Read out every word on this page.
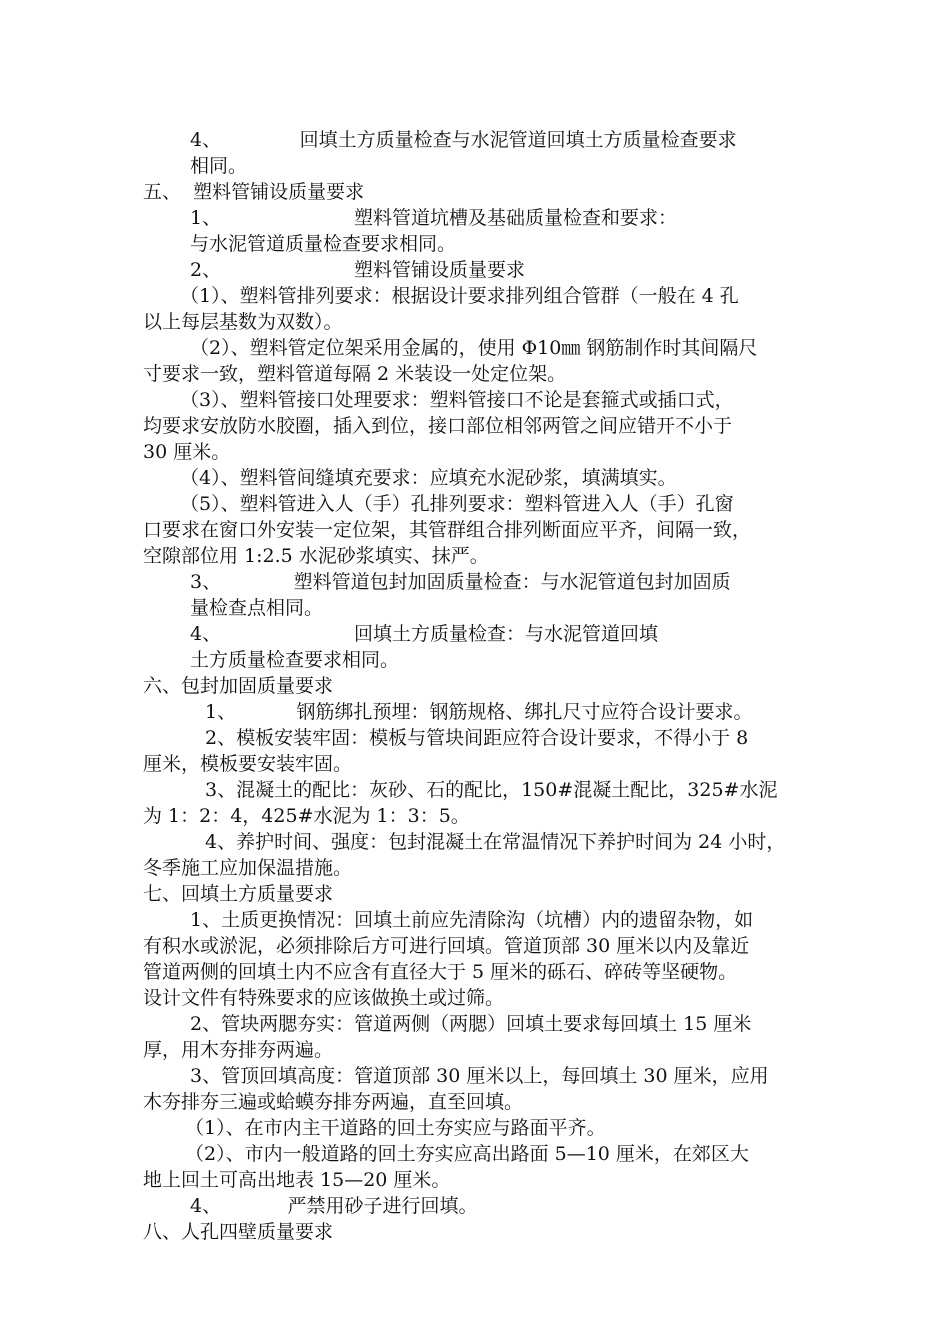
4、             回填土方质量检查与水泥管道回填土方质量检查要求
相同。
五、  塑料管铺设质量要求
1、                      塑料管道坑槽及基础质量检查和要求：
与水泥管道质量检查要求相同。
2、                      塑料管铺设质量要求
（1）、塑料管排列要求：根据设计要求排列组合管群（一般在 4 孔
以上每层基数为双数）。
（2）、塑料管定位架采用金属的，使用 Φ10㎜ 钢筋制作时其间隔尺
寸要求一致，塑料管道每隔 2 米装设一处定位架。
（3）、塑料管接口处理要求：塑料管接口不论是套箍式或插口式，
均要求安放防水胶圈，插入到位，接口部位相邻两管之间应错开不小于
30 厘米。
（4）、塑料管间缝填充要求：应填充水泥砂浆，填满填实。
（5）、塑料管进入人（手）孔排列要求：塑料管进入人（手）孔窗
口要求在窗口外安装一定位架，其管群组合排列断面应平齐，间隔一致，
空隙部位用 1:2.5 水泥砂浆填实、抹严。
3、            塑料管道包封加固质量检查：与水泥管道包封加固质
量检查点相同。
4、                      回填土方质量检查：与水泥管道回填
土方质量检查要求相同。
六、包封加固质量要求
1、          钢筋绑扎预埋：钢筋规格、绑扎尺寸应符合设计要求。
2、模板安装牢固：模板与管块间距应符合设计要求，不得小于 8
厘米，模板要安装牢固。
3、混凝土的配比：灰砂、石的配比，150#混凝土配比，325#水泥
为 1：2：4，425#水泥为 1：3：5。
4、养护时间、强度：包封混凝土在常温情况下养护时间为 24 小时，
冬季施工应加保温措施。
七、回填土方质量要求
1、土质更换情况：回填土前应先清除沟（坑槽）内的遗留杂物，如
有积水或淤泥，必须排除后方可进行回填。管道顶部 30 厘米以内及靠近
管道两侧的回填土内不应含有直径大于 5 厘米的砾石、碎砖等坚硬物。
设计文件有特殊要求的应该做换土或过筛。
2、管块两腮夯实：管道两侧（两腮）回填土要求每回填土 15 厘米
厚，用木夯排夯两遍。
3、管顶回填高度：管道顶部 30 厘米以上，每回填土 30 厘米，应用
木夯排夯三遍或蛤蟆夯排夯两遍，直至回填。
（1）、在市内主干道路的回土夯实应与路面平齐。
（2）、市内一般道路的回土夯实应高出路面 5—10 厘米，在郊区大
地上回土可高出地表 15—20 厘米。
4、           严禁用砂子进行回填。
八、人孔四壁质量要求
